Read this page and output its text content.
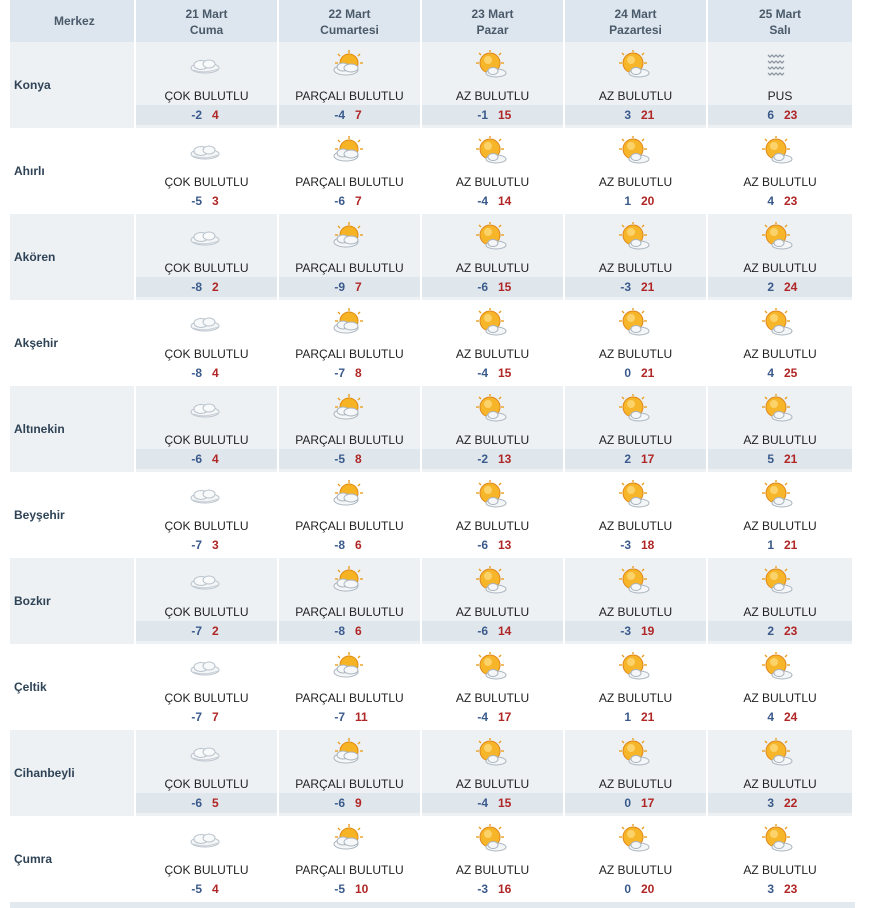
Merkez	21 Mart
Cuma
22 Mart
Cumartesi
23 Mart
Pazar
24 Mart
Pazartesi
25 Mart
Salı
Konya
ÇOK BULUTLU
-2 4
PARÇALI BULUTLU
-4 7
AZ BULUTLU
-1 15
AZ BULUTLU
3 21
PUS
6 23
Ahırlı
ÇOK BULUTLU
-5 3
PARÇALI BULUTLU
-6 7
AZ BULUTLU
-4 14
AZ BULUTLU
1 20
AZ BULUTLU
4 23
Akören
ÇOK BULUTLU
-8 2
PARÇALI BULUTLU
-9 7
AZ BULUTLU
-6 15
AZ BULUTLU
-3 21
AZ BULUTLU
2 24
Akşehir
ÇOK BULUTLU
-8 4
PARÇALI BULUTLU
-7 8
AZ BULUTLU
-4 15
AZ BULUTLU
0 21
AZ BULUTLU
4 25
Altınekin
ÇOK BULUTLU
-6 4
PARÇALI BULUTLU
-5 8
AZ BULUTLU
-2 13
AZ BULUTLU
2 17
AZ BULUTLU
5 21
Beyşehir
ÇOK BULUTLU
-7 3
PARÇALI BULUTLU
-8 6
AZ BULUTLU
-6 13
AZ BULUTLU
-3 18
AZ BULUTLU
1 21
Bozkır
ÇOK BULUTLU
-7 2
PARÇALI BULUTLU
-8 6
AZ BULUTLU
-6 14
AZ BULUTLU
-3 19
AZ BULUTLU
2 23
Çeltik
ÇOK BULUTLU
-7 7
PARÇALI BULUTLU
-7 11
AZ BULUTLU
-4 17
AZ BULUTLU
1 21
AZ BULUTLU
4 24
Cihanbeyli
ÇOK BULUTLU
-6 5
PARÇALI BULUTLU
-6 9
AZ BULUTLU
-4 15
AZ BULUTLU
0 17
AZ BULUTLU
3 22
Çumra
ÇOK BULUTLU
-5 4
PARÇALI BULUTLU
-5 10
AZ BULUTLU
-3 16
AZ BULUTLU
0 20
AZ BULUTLU
3 23
